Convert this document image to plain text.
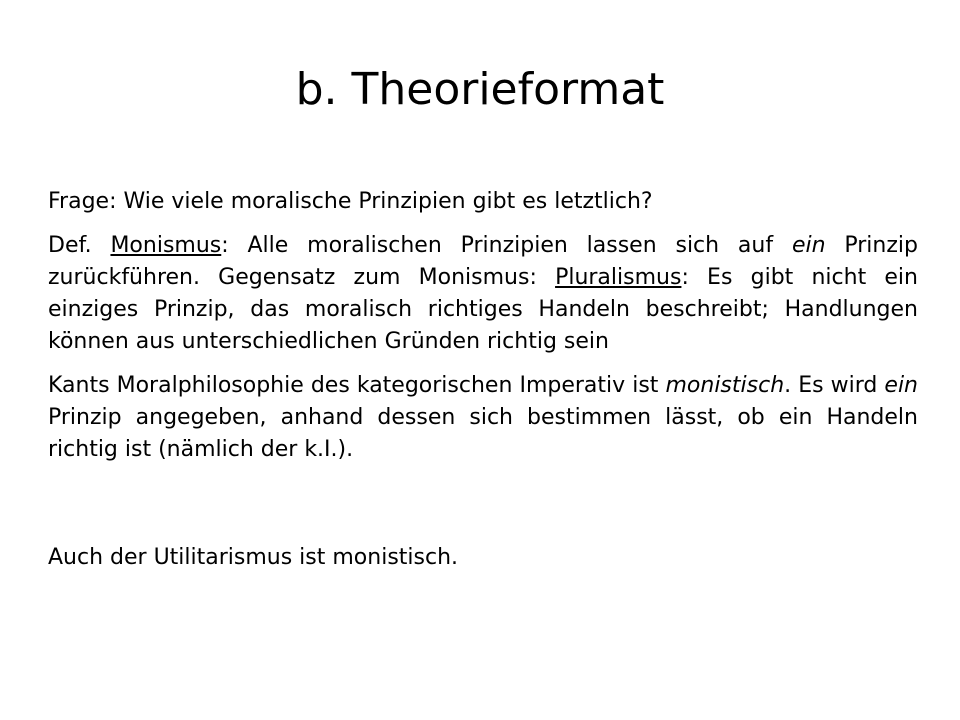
b. Theorieformat

Frage: Wie viele moralische Prinzipien gibt es letztlich?

Def. Monismus: Alle moralischen Prinzipien lassen sich auf ein Prinzip zurückführen. Gegensatz zum Monismus: Pluralismus: Es gibt nicht ein einziges Prinzip, das moralisch richtiges Handeln beschreibt; Handlungen können aus unterschiedlichen Gründen richtig sein

Kants Moralphilosophie des kategorischen Imperativ ist monistisch. Es wird ein Prinzip angegeben, anhand dessen sich bestimmen lässt, ob ein Handeln richtig ist (nämlich der k.I.).

Auch der Utilitarismus ist monistisch.
